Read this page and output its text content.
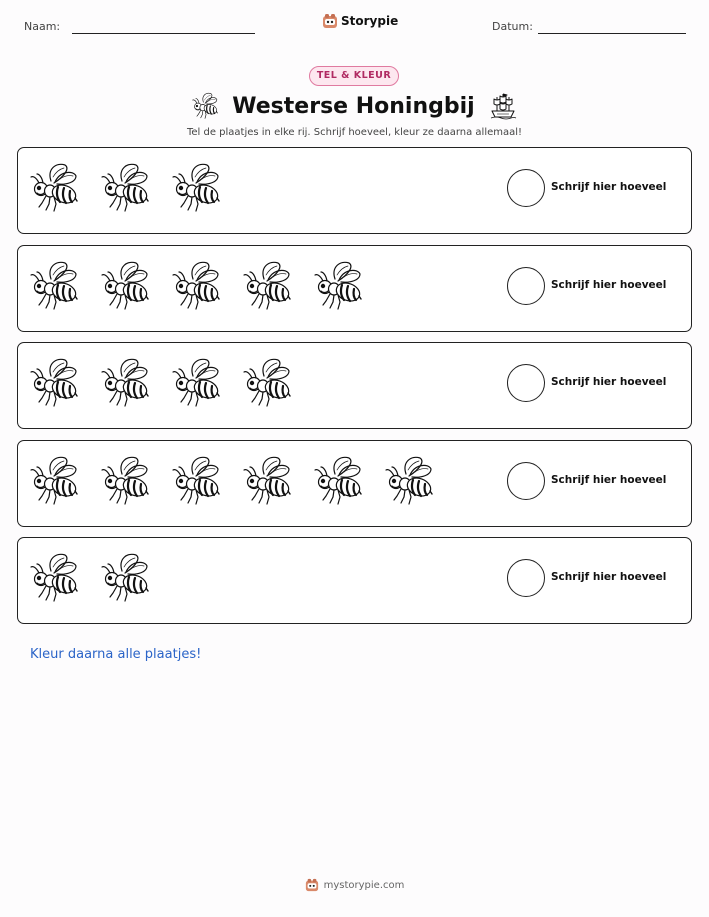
Naam:	Storypie	Datum:
TEL & KLEUR
Westerse Honingbij
Tel de plaatjes in elke rij. Schrijf hoeveel, kleur ze daarna allemaal!
Schrijf hier hoeveel
Schrijf hier hoeveel
Schrijf hier hoeveel
Schrijf hier hoeveel
Schrijf hier hoeveel
Kleur daarna alle plaatjes!
mystorypie.com
